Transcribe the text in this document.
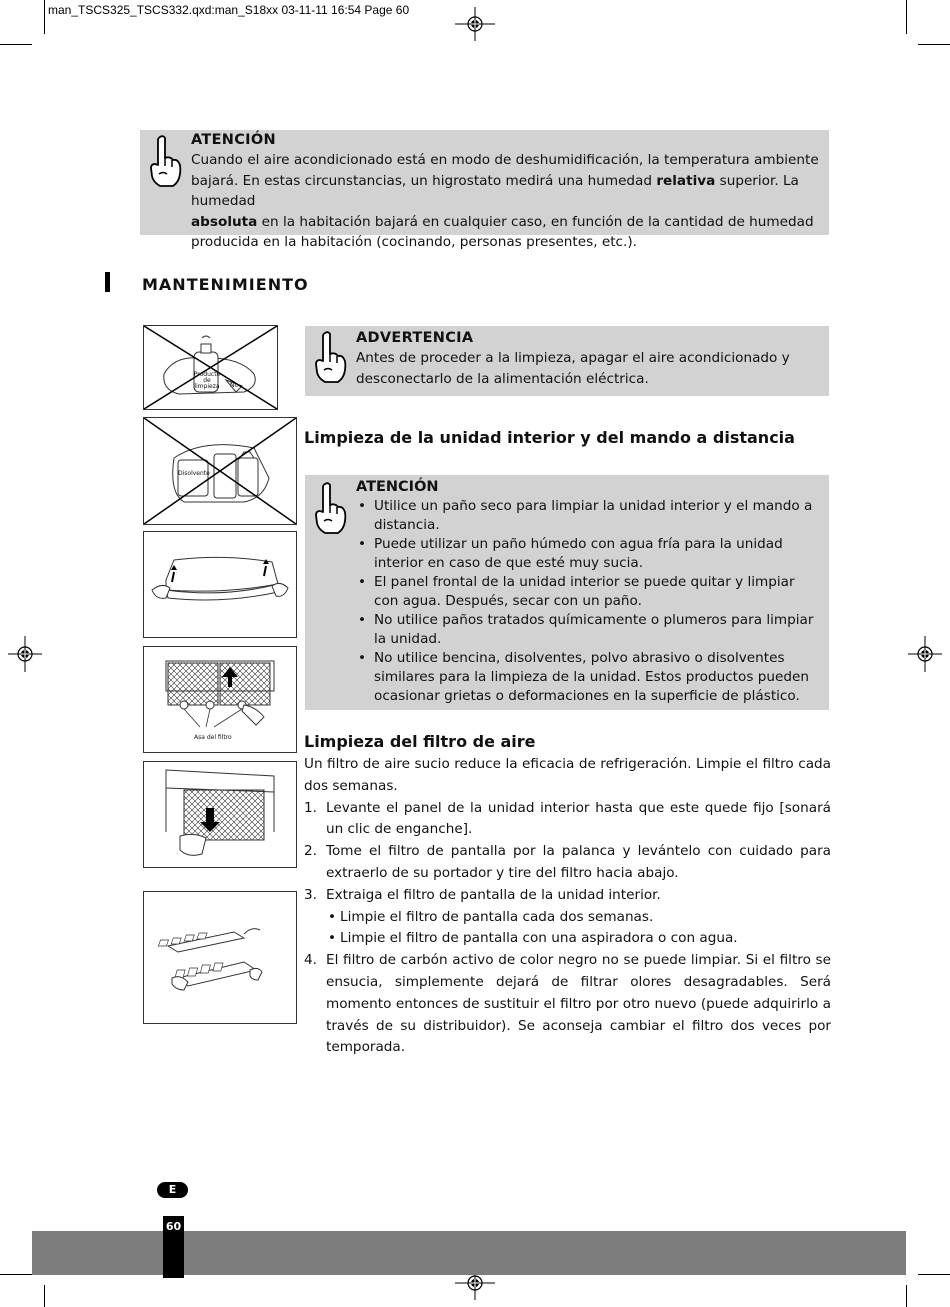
man_TSCS325_TSCS332.qxd:man_S18xx 03-11-11 16:54 Page 60

ATENCIÓN

Cuando el aire acondicionado está en modo de deshumidificación, la temperatura ambiente
bajará. En estas circunstancias, un higrostato medirá una humedad relativa superior. La humedad
absoluta en la habitación bajará en cualquier caso, en función de la cantidad de humedad
producida en la habitación (cocinando, personas presentes, etc.).

MANTENIMIENTO
Producto de limpieza	No
Disolvente
Asa del filtro

ADVERTENCIA

Antes de proceder a la limpieza, apagar el aire acondicionado y
desconectarlo de la alimentación eléctrica.

Limpieza de la unidad interior y del mando a distancia

ATENCIÓN

• Utilice un paño seco para limpiar la unidad interior y el mando a distancia.
• Puede utilizar un paño húmedo con agua fría para la unidad interior en caso de que esté muy sucia.
• El panel frontal de la unidad interior se puede quitar y limpiar con agua. Después, secar con un paño.
• No utilice paños tratados químicamente o plumeros para limpiar la unidad.
• No utilice bencina, disolventes, polvo abrasivo o disolventes similares para la limpieza de la unidad. Estos productos pueden ocasionar grietas o deformaciones en la superficie de plástico.
Limpieza del filtro de aire
Un filtro de aire sucio reduce la eficacia de refrigeración. Limpie el filtro cada dos semanas.
1. Levante el panel de la unidad interior hasta que este quede fijo [sonará un clic de enganche].
2. Tome el filtro de pantalla por la palanca y levántelo con cuidado para extraerlo de su portador y tire del filtro hacia abajo.
3. Extraiga el filtro de pantalla de la unidad interior.
• Limpie el filtro de pantalla cada dos semanas.
• Limpie el filtro de pantalla con una aspiradora o con agua.
4. El filtro de carbón activo de color negro no se puede limpiar. Si el filtro se ensucia, simplemente dejará de filtrar olores desagradables. Será momento entonces de sustituir el filtro por otro nuevo (puede adquirirlo a través de su distribuidor). Se aconseja cambiar el filtro dos veces por temporada.
E
60
